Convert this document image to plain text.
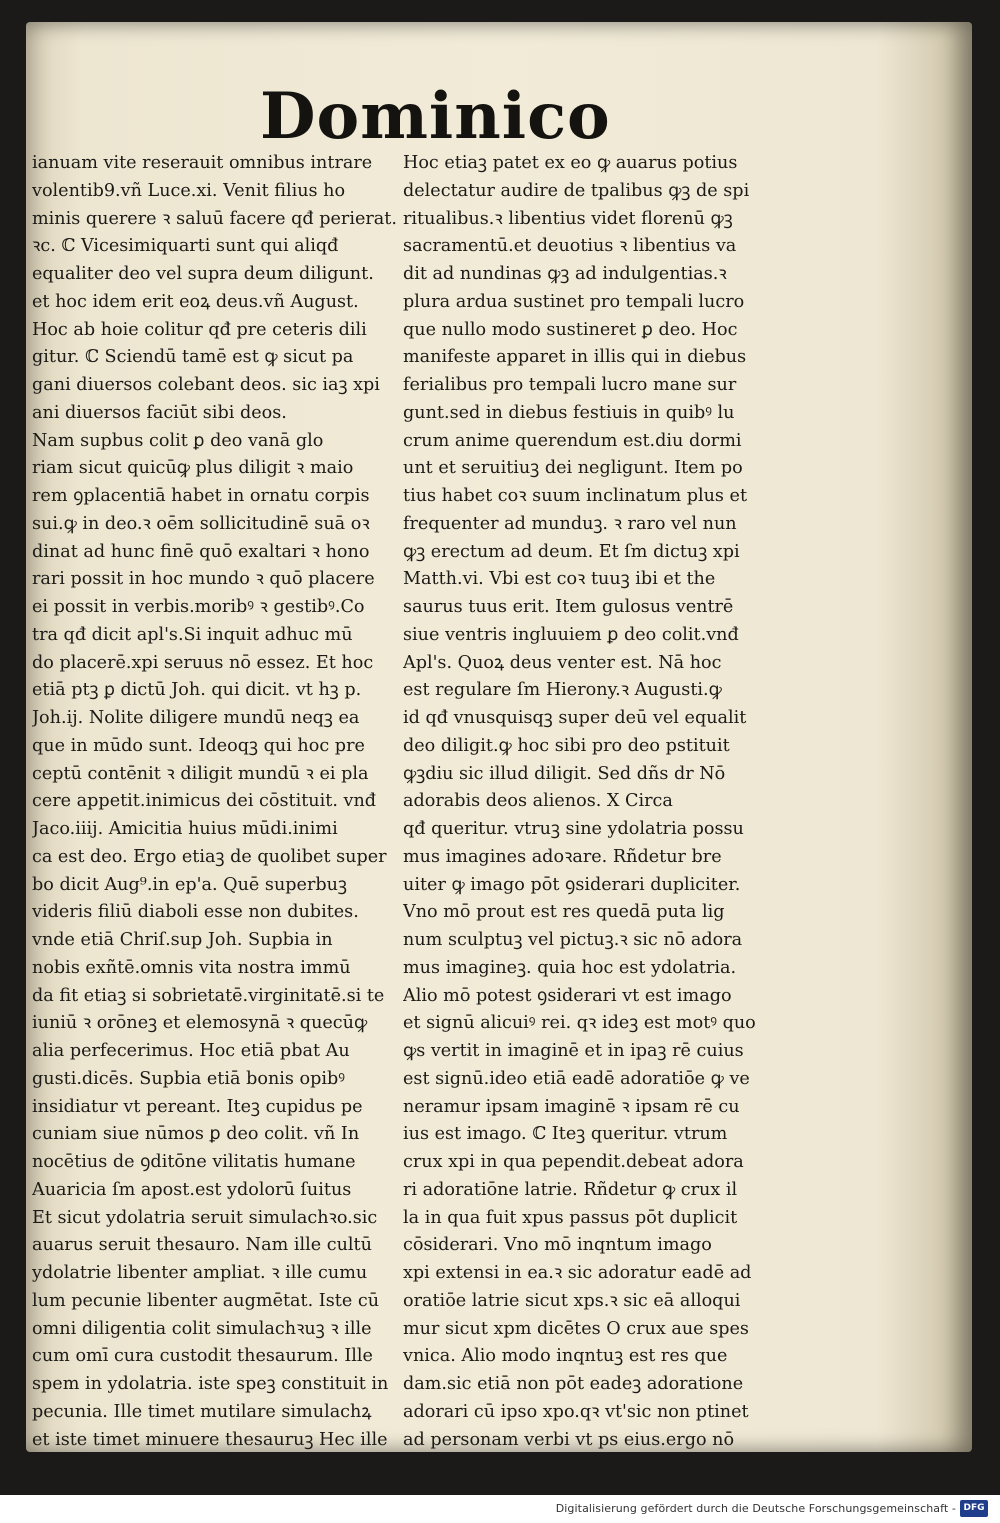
Dominico
ianuam vite reserauit omnibus intrare
volentib9.vñ Luce.xi. Venit filius ho
minis querere ꝛ saluū facere qđ perierat.
ꝛc. ℂ Vicesimiquarti sunt qui aliqđ
equaliter deo vel supra deum diligunt.
et hoc idem erit eoꝝ deus.vñ August.
Hoc ab hoie colitur qđ pre ceteris dili
gitur. ℂ Sciendū tamē est ꝙ sicut pa
gani diuersos colebant deos. sic iaꝫ xpi
ani diuersos faciūt sibi deos.
Nam supbus colit ꝑ deo vanā glo
riam sicut quicūꝙ plus diligit ꝛ maio
rem ꝯplacentiā habet in ornatu corpis
sui.ꝙ in deo.ꝛ oēm sollicitudinē suā oꝛ
dinat ad hunc finē quō exaltari ꝛ hono
rari possit in hoc mundo ꝛ quō placere
ei possit in verbis.moribꝰ ꝛ gestibꝰ.Co
tra qđ dicit apl's.Si inquit adhuc mū
do placerē.xpi seruus nō essez. Et hoc
etiā ptꝫ ꝑ dictū Joh. qui dicit. vt hꝫ p.
Joh.ij. Nolite diligere mundū neqꝫ ea
que in mūdo sunt. Ideoqꝫ qui hoc pre
ceptū contēnit ꝛ diligit mundū ꝛ ei pla
cere appetit.inimicus dei cōstituit. vnđ
Jaco.iiij. Amicitia huius mūdi.inimi
ca est deo. Ergo etiaꝫ de quolibet super
bo dicit Aug⁹.in ep'a. Quē superbuꝫ
videris filiū diaboli esse non dubites.
vnde etiā Chriſ.sup Joh. Supbia in
nobis exñtē.omnis vita nostra immū
da fit etiaꝫ si sobrietatē.virginitatē.si te
iuniū ꝛ orōneꝫ et elemosynā ꝛ quecūꝙ
alia perfecerimus. Hoc etiā pbat Au
gusti.dicēs. Supbia etiā bonis opibꝰ
insidiatur vt pereant. Iteꝫ cupidus pe
cuniam siue nūmos ꝑ deo colit. vñ In
nocētius de ꝯditōne vilitatis humane
Auaricia ſm apost.est ydolorū ſuitus
Et sicut ydolatria seruit simulachꝛo.sic
auarus seruit thesauro. Nam ille cultū
ydolatrie libenter ampliat. ꝛ ille cumu
lum pecunie libenter augmētat. Iste cū
omni diligentia colit simulachꝛuꝫ ꝛ ille
cum omī cura custodit thesaurum. Ille
spem in ydolatria. iste speꝫ constituit in
pecunia. Ille timet mutilare simulachꝝ
et iste timet minuere thesauruꝫ Hec ille
Hoc etiaꝫ patet ex eo ꝙ auarus potius
delectatur audire de tpalibus ꝙꝫ de spi
ritualibus.ꝛ libentius videt florenū ꝙꝫ
sacramentū.et deuotius ꝛ libentius va
dit ad nundinas ꝙꝫ ad indulgentias.ꝛ
plura ardua sustinet pro tempali lucro
que nullo modo sustineret ꝑ deo. Hoc
manifeste apparet in illis qui in diebus
ferialibus pro tempali lucro mane sur
gunt.sed in diebus festiuis in quibꝰ lu
crum anime querendum est.diu dormi
unt et seruitiuꝫ dei negligunt. Item po
tius habet coꝛ suum inclinatum plus et
frequenter ad munduꝫ. ꝛ raro vel nun
ꝙꝫ erectum ad deum. Et ſm dictuꝫ xpi
Matth.vi. Vbi est coꝛ tuuꝫ ibi et the
saurus tuus erit. Item gulosus ventrē
siue ventris ingluuiem ꝑ deo colit.vnđ
Apl's. Quoꝝ deus venter est. Nā hoc
est regulare ſm Hierony.ꝛ Augusti.ꝙ
id qđ vnusquisqꝫ super deū vel equalit
deo diligit.ꝙ hoc sibi pro deo pstituit
ꝙꝫdiu sic illud diligit. Sed dñs dr Nō
adorabis deos alienos. X Circa
qđ queritur. vtruꝫ sine ydolatria possu
mus imagines adoꝛare. Rñdetur bre
uiter ꝙ imago pōt ꝯsiderari dupliciter.
Vno mō prout est res quedā puta lig
num sculptuꝫ vel pictuꝫ.ꝛ sic nō adora
mus imagineꝫ. quia hoc est ydolatria.
Alio mō potest ꝯsiderari vt est imago
et signū alicuiꝰ rei. qꝛ ideꝫ est motꝰ quo
ꝙs vertit in imaginē et in ipaꝫ rē cuius
est signū.ideo etiā eadē adoratiōe ꝙ ve
neramur ipsam imaginē ꝛ ipsam rē cu
ius est imago. ℂ Iteꝫ queritur. vtrum
crux xpi in qua pependit.debeat adora
ri adoratiōne latrie. Rñdetur ꝙ crux il
la in qua fuit xpus passus pōt duplicit
cōsiderari. Vno mō inqntum imago
xpi extensi in ea.ꝛ sic adoratur eadē ad
oratiōe latrie sicut xps.ꝛ sic eā alloqui
mur sicut xpm dicētes O crux aue spes
vnica. Alio modo inqntuꝫ est res que
dam.sic etiā non pōt eadeꝫ adoratione
adorari cū ipso xpo.qꝛ vt'sic non ptinet
ad personam verbi vt ps eius.ergo nō
Digitalisierung gefördert durch die Deutsche Forschungsgemeinschaft - DFG
